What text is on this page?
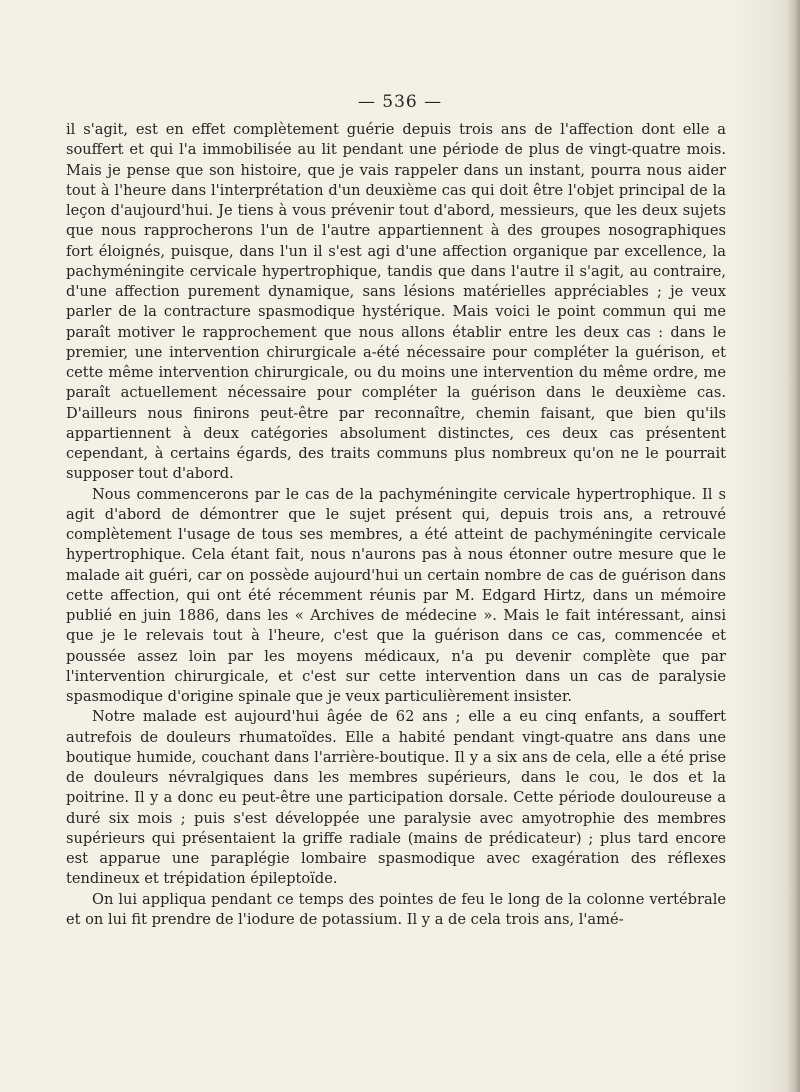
— 536 —

il s'agit, est en effet complètement guérie depuis trois ans de l'affection dont elle a souffert et qui l'a immobilisée au lit pendant une période de plus de vingt-quatre mois. Mais je pense que son histoire, que je vais rappeler dans un instant, pourra nous aider tout à l'heure dans l'interprétation d'un deuxième cas qui doit être l'objet principal de la leçon d'aujourd'hui. Je tiens à vous prévenir tout d'abord, messieurs, que les deux sujets que nous rapprocherons l'un de l'autre appartiennent à des groupes nosographiques fort éloignés, puisque, dans l'un il s'est agi d'une affection organique par excellence, la pachyméningite cervicale hypertrophique, tandis que dans l'autre il s'agit, au contraire, d'une affection purement dynamique, sans lésions matérielles appréciables ; je veux parler de la contracture spasmodique hystérique. Mais voici le point commun qui me paraît motiver le rapprochement que nous allons établir entre les deux cas : dans le premier, une intervention chirurgicale a-été nécessaire pour compléter la guérison, et cette même intervention chirurgicale, ou du moins une intervention du même ordre, me paraît actuellement nécessaire pour compléter la guérison dans le deuxième cas. D'ailleurs nous finirons peut-être par reconnaître, chemin faisant, que bien qu'ils appartiennent à deux catégories absolument distinctes, ces deux cas présentent cependant, à certains égards, des traits communs plus nombreux qu'on ne le pourrait supposer tout d'abord.

Nous commencerons par le cas de la pachyméningite cervicale hypertrophique. Il s agit d'abord de démontrer que le sujet présent qui, depuis trois ans, a retrouvé complètement l'usage de tous ses membres, a été atteint de pachyméningite cervicale hypertrophique. Cela étant fait, nous n'aurons pas à nous étonner outre mesure que le malade ait guéri, car on possède aujourd'hui un certain nombre de cas de guérison dans cette affection, qui ont été récemment réunis par M. Edgard Hirtz, dans un mémoire publié en juin 1886, dans les « Archives de médecine ». Mais le fait intéressant, ainsi que je le relevais tout à l'heure, c'est que la guérison dans ce cas, commencée et poussée assez loin par les moyens médicaux, n'a pu devenir complète que par l'intervention chirurgicale, et c'est sur cette intervention dans un cas de paralysie spasmodique d'origine spinale que je veux particulièrement insister.

Notre malade est aujourd'hui âgée de 62 ans ; elle a eu cinq enfants, a souffert autrefois de douleurs rhumatoïdes. Elle a habité pendant vingt-quatre ans dans une boutique humide, couchant dans l'arrière-boutique. Il y a six ans de cela, elle a été prise de douleurs névralgiques dans les membres supérieurs, dans le cou, le dos et la poitrine. Il y a donc eu peut-être une participation dorsale. Cette période douloureuse a duré six mois ; puis s'est développée une paralysie avec amyotrophie des membres supérieurs qui présentaient la griffe radiale (mains de prédicateur) ; plus tard encore est apparue une paraplégie lombaire spasmodique avec exagération des réflexes tendineux et trépidation épileptoïde.

On lui appliqua pendant ce temps des pointes de feu le long de la colonne vertébrale et on lui fit prendre de l'iodure de potassium. Il y a de cela trois ans, l'amé-
